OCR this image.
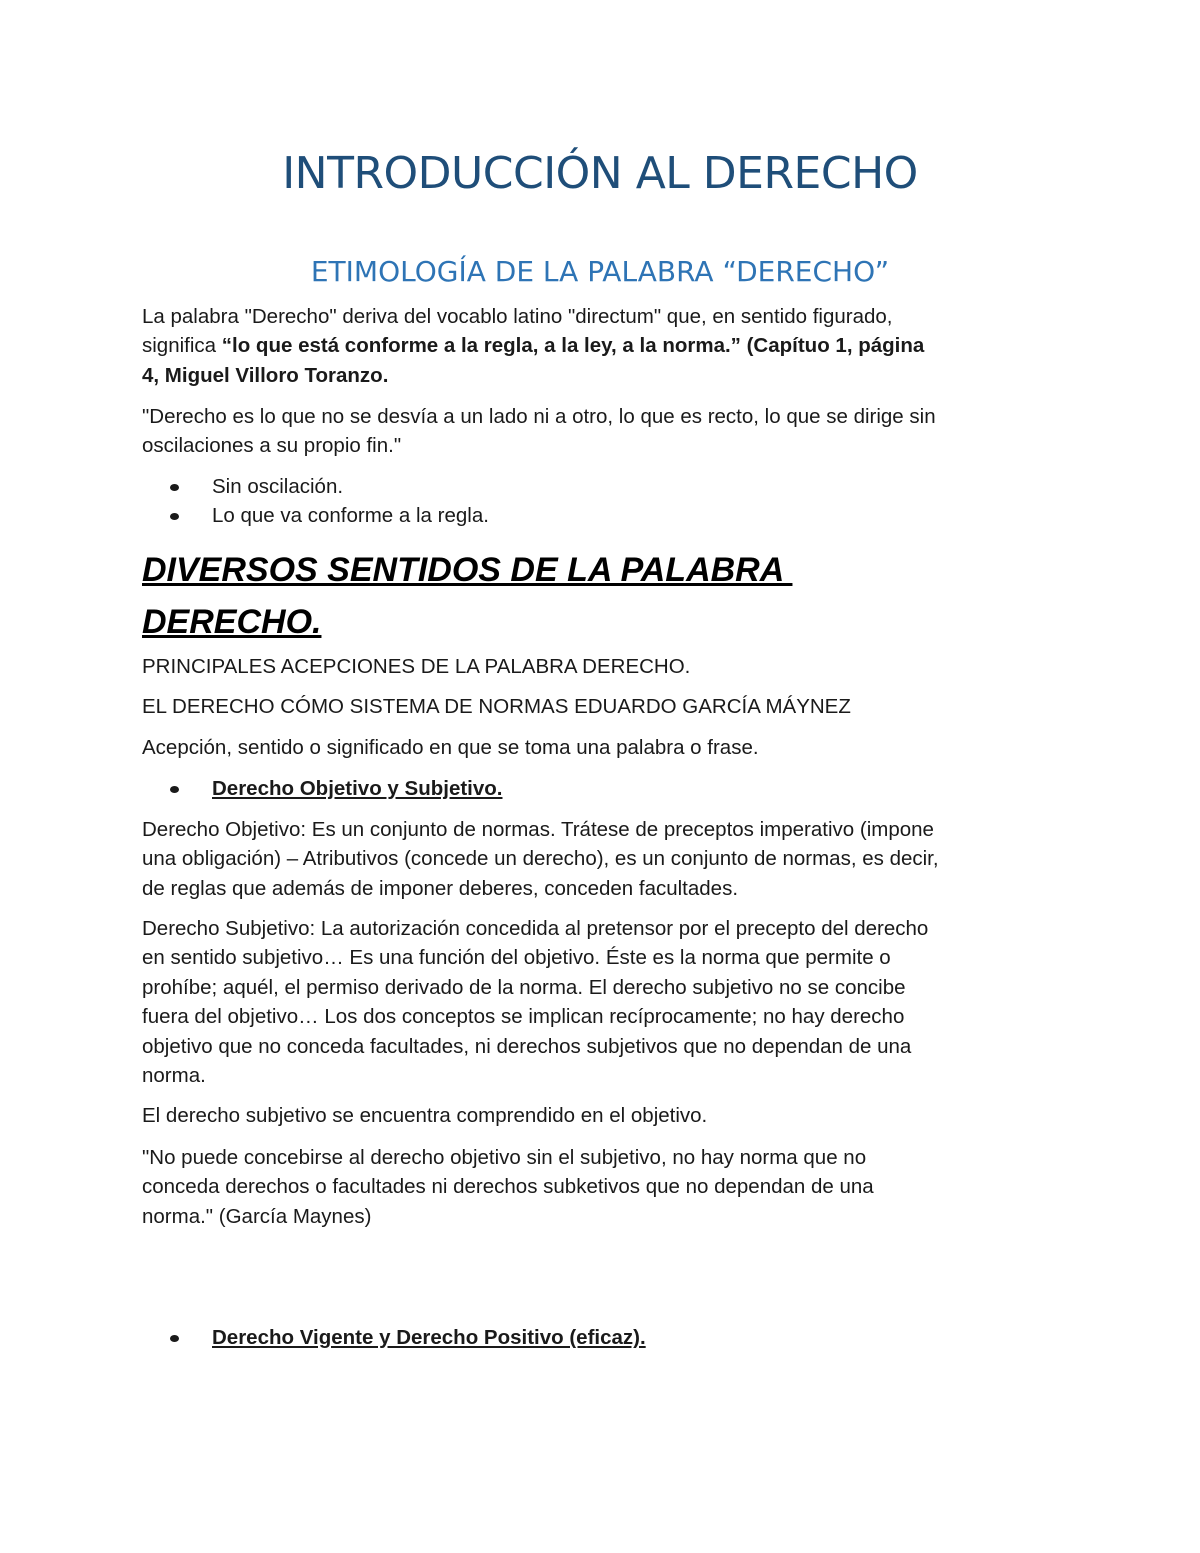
INTRODUCCIÓN AL DERECHO
ETIMOLOGÍA DE LA PALABRA “DERECHO”
La palabra "Derecho" deriva del vocablo latino "directum" que, en sentido figurado,
significa “lo que está conforme a la regla, a la ley, a la norma.” (Capítuo 1, página
4, Miguel Villoro Toranzo.
"Derecho es lo que no se desvía a un lado ni a otro, lo que es recto, lo que se dirige sin
oscilaciones a su propio fin."
Sin oscilación.
Lo que va conforme a la regla.
DIVERSOS SENTIDOS DE LA PALABRA
DERECHO.
PRINCIPALES ACEPCIONES DE LA PALABRA DERECHO.
EL DERECHO CÓMO SISTEMA DE NORMAS EDUARDO GARCÍA MÁYNEZ
Acepción, sentido o significado en que se toma una palabra o frase.
Derecho Objetivo y Subjetivo.
Derecho Objetivo: Es un conjunto de normas. Trátese de preceptos imperativo (impone
una obligación) – Atributivos (concede un derecho), es un conjunto de normas, es decir,
de reglas que además de imponer deberes, conceden facultades.
Derecho Subjetivo: La autorización concedida al pretensor por el precepto del derecho
en sentido subjetivo… Es una función del objetivo. Éste es la norma que permite o
prohíbe; aquél, el permiso derivado de la norma. El derecho subjetivo no se concibe
fuera del objetivo… Los dos conceptos se implican recíprocamente; no hay derecho
objetivo que no conceda facultades, ni derechos subjetivos que no dependan de una
norma.
El derecho subjetivo se encuentra comprendido en el objetivo.
"No puede concebirse al derecho objetivo sin el subjetivo, no hay norma que no
conceda derechos o facultades ni derechos subketivos que no dependan de una
norma." (García Maynes)
Derecho Vigente y Derecho Positivo (eficaz).
